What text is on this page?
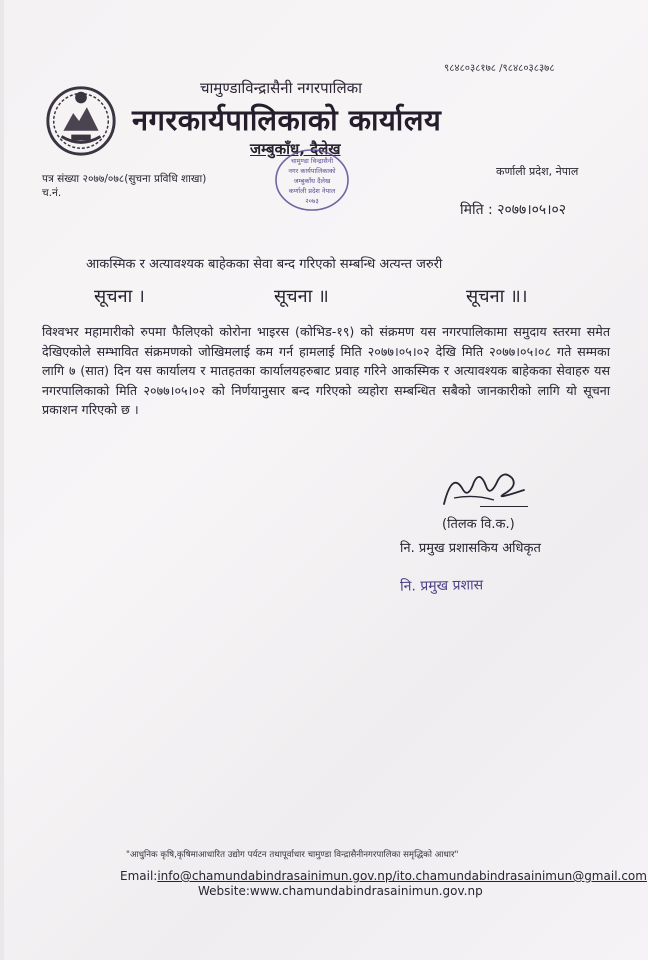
९८४८०३८१७८ /९८४८०३८३७८
चामुण्डाविन्द्रासैनी नगरपालिका
नगरकार्यपालिकाको कार्यालय
जम्बुकाँध, दैलेख
चामुण्डा विन्द्रासैनी
नगर कार्यपालिकाको
जम्बुकाँध दैलेख
कर्णाली प्रदेश नेपाल
२०७३
पत्र संख्या २०७७/०७८(सुचना प्रविधि शाखा)
च.नं.
कर्णाली प्रदेश, नेपाल
मिति : २०७७।०५।०२
आकस्मिक र अत्यावश्यक बाहेकका सेवा बन्द गरिएको सम्बन्धि अत्यन्त जरुरी
सूचना ।	सूचना ॥	सूचना ॥।
विश्वभर महामारीको रुपमा फैलिएको कोरोना भाइरस (कोभिड-१९) को संक्रमण यस नगरपालिकामा समुदाय स्तरमा समेत देखिएकोले सम्भावित संक्रमणको जोखिमलाई कम गर्न हामलाई मिति २०७७।०५।०२ देखि मिति २०७७।०५।०८ गते सम्मका लागि ७ (सात) दिन यस कार्यालय र मातहतका कार्यालयहरुबाट प्रवाह गरिने आकस्मिक र अत्यावश्यक बाहेकका सेवाहरु यस नगरपालिकाको मिति २०७७।०५।०२ को निर्णयानुसार बन्द गरिएको व्यहोरा सम्बन्धित सबैको जानकारीको लागि यो सूचना प्रकाशन गरिएको छ ।
(तिलक वि.क.)
नि. प्रमुख प्रशासकिय अधिकृत
नि. प्रमुख प्रशास
"आधुनिक कृषि,कृषिमाआधारित उद्योग पर्यटन तथापूर्वाधार चामुण्डा विन्द्रासैनीनगरपालिका समृद्धिको आधार"
Email:info@chamundabindrasainimun.gov.np/ito.chamundabindrasainimun@gmail.com
Website:www.chamundabindrasainimun.gov.np
